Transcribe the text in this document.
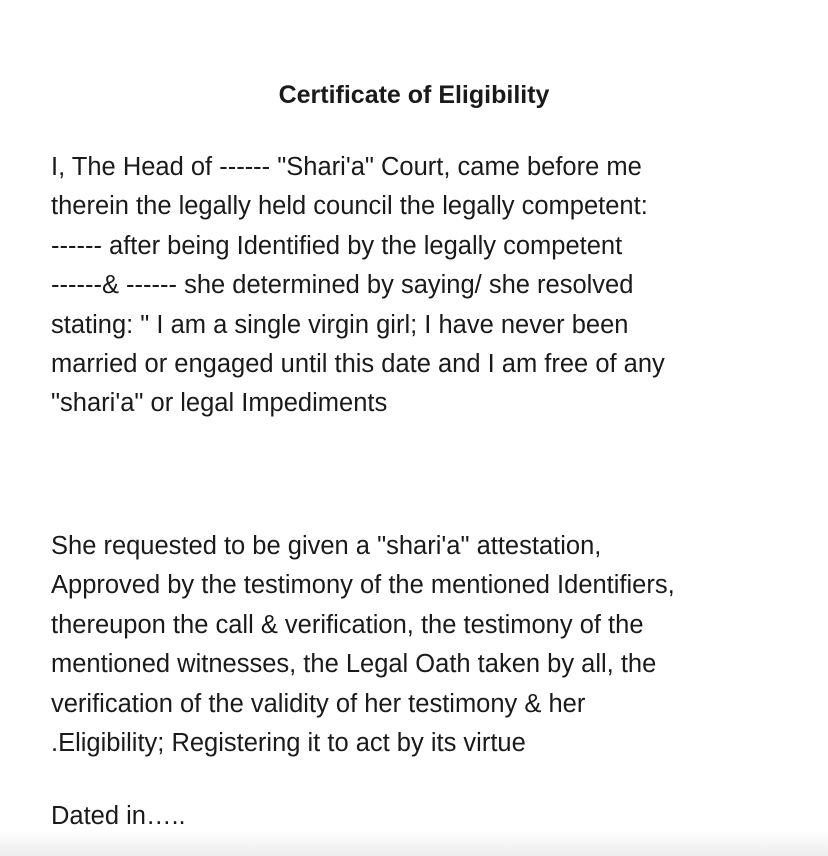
Certificate of Eligibility

I, The Head of ------ "Shari'a" Court, came before me
therein the legally held council the legally competent:
------ after being Identified by the legally competent
------& ------ she determined by saying/ she resolved
stating: " I am a single virgin girl; I have never been
married or engaged until this date and I am free of any
"shari'a" or legal Impediments

She requested to be given a "shari'a" attestation,
Approved by the testimony of the mentioned Identifiers,
thereupon the call & verification, the testimony of the
mentioned witnesses, the Legal Oath taken by all, the
verification of the validity of her testimony & her
.Eligibility; Registering it to act by its virtue

Dated in…..
